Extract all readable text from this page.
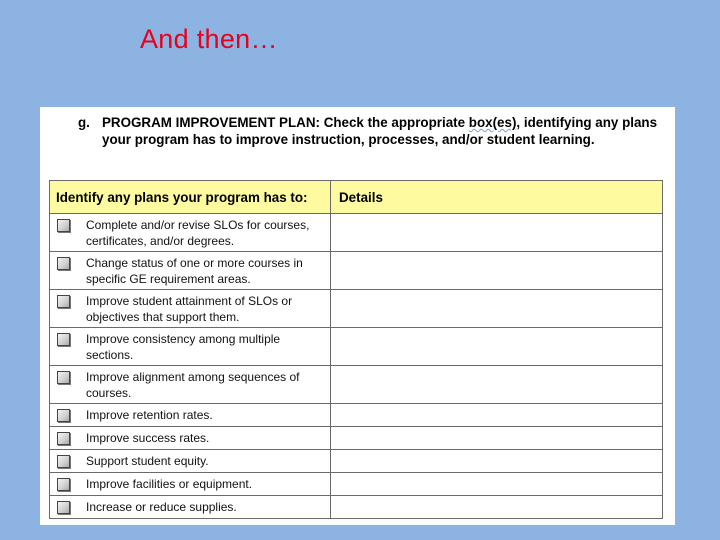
And then…
g. PROGRAM IMPROVEMENT PLAN: Check the appropriate box(es), identifying any plans your program has to improve instruction, processes, and/or student learning.
Identify any plans your program has to:	Details

Complete and/or revise SLOs for courses, certificates, and/or degrees.	

Change status of one or more courses in specific GE requirement areas.	

Improve student attainment of SLOs or objectives that support them.	

Improve consistency among multiple sections.	

Improve alignment among sequences of courses.	

Improve retention rates.	

Improve success rates.	

Support student equity.	

Improve facilities or equipment.	

Increase or reduce supplies.	
